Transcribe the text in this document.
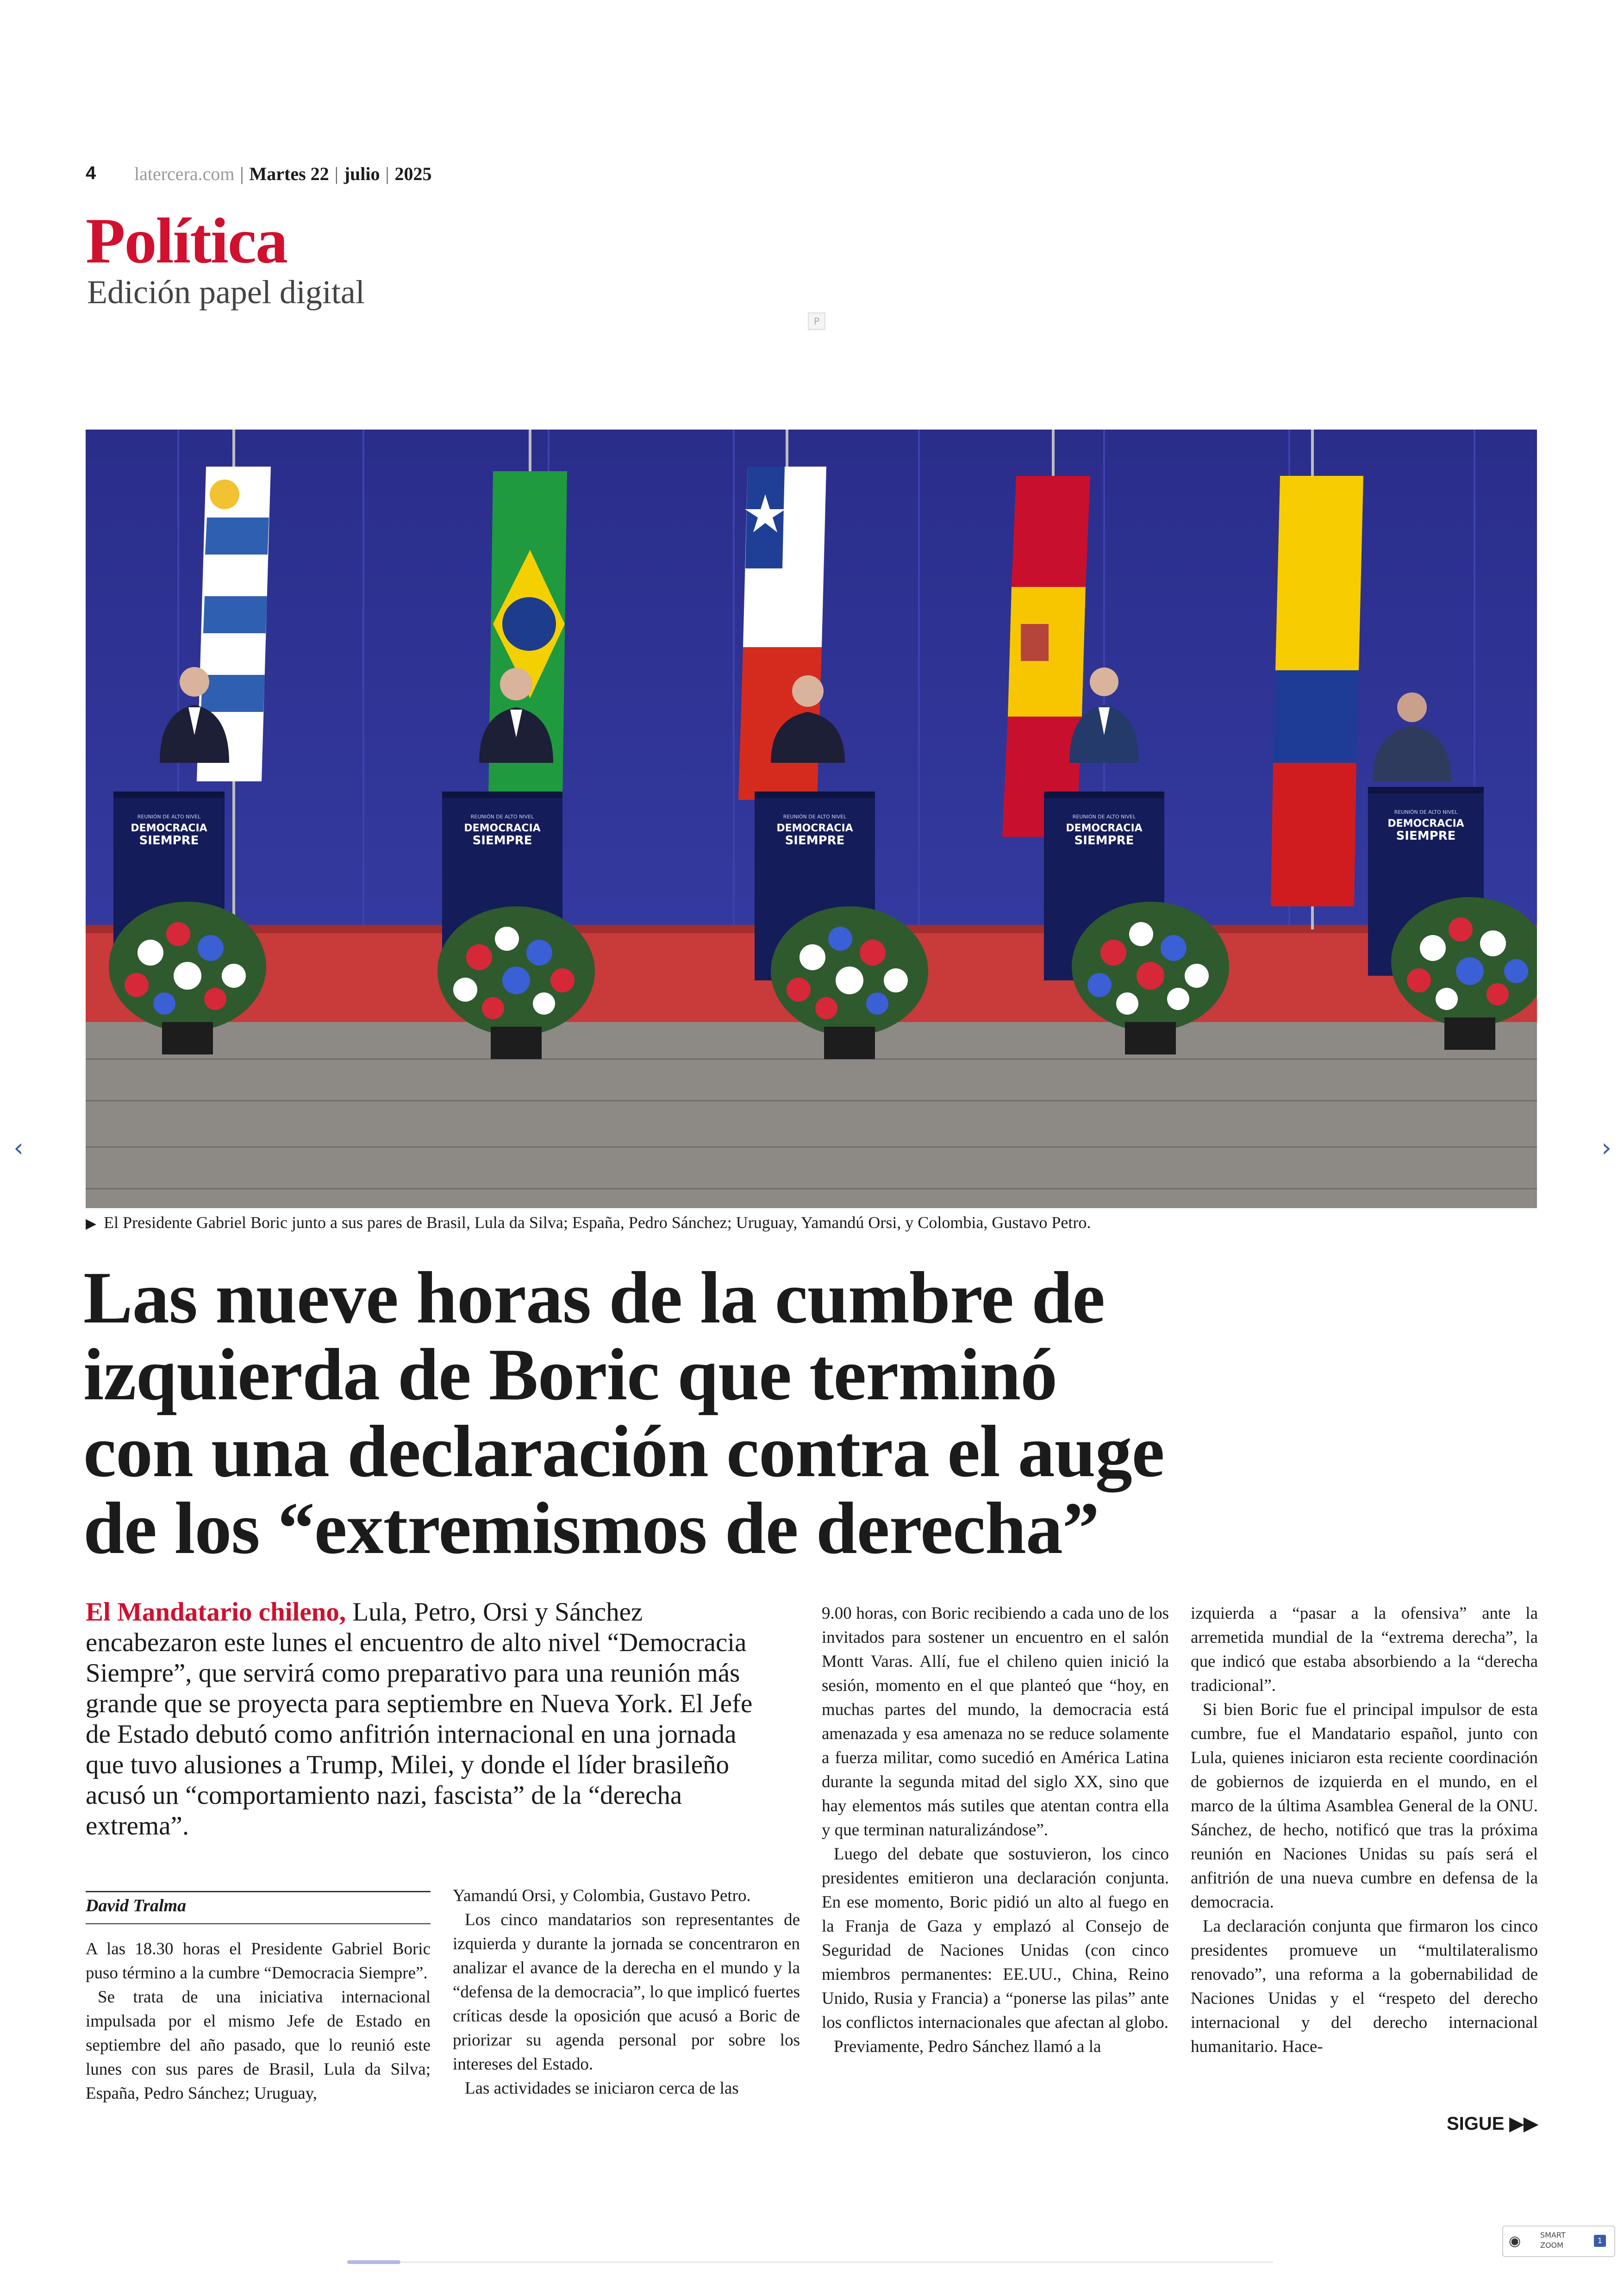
4 latercera.com | Martes 22 | julio | 2025
Política
Edición papel digital
P
REUNIÓN DE ALTO NIVEL
DEMOCRACIA
SIEMPRE
REUNIÓN DE ALTO NIVEL
DEMOCRACIA
SIEMPRE
REUNIÓN DE ALTO NIVEL
DEMOCRACIA
SIEMPRE
REUNIÓN DE ALTO NIVEL
DEMOCRACIA
SIEMPRE
REUNIÓN DE ALTO NIVEL
DEMOCRACIA
SIEMPRE
▶ El Presidente Gabriel Boric junto a sus pares de Brasil, Lula da Silva; España, Pedro Sánchez; Uruguay, Yamandú Orsi, y Colombia, Gustavo Petro.
Las nueve horas de la cumbre de
izquierda de Boric que terminó
con una declaración contra el auge
de los “extremismos de derecha”
El Mandatario chileno, Lula, Petro, Orsi y Sánchez encabezaron este lunes el encuentro de alto nivel “Democracia Siempre”, que servirá como preparativo para una reunión más grande que se proyecta para septiembre en Nueva York. El Jefe de Estado debutó como anfitrión internacional en una jornada que tuvo alusiones a Trump, Milei, y donde el líder brasileño acusó un “comportamiento nazi, fascista” de la “derecha extrema”.
David Tralma

A las 18.30 horas el Presidente Gabriel Boric puso término a la cumbre “Democracia Siempre”.

Se trata de una iniciativa internacional impulsada por el mismo Jefe de Estado en septiembre del año pasado, que lo reunió este lunes con sus pares de Brasil, Lula da Silva; España, Pedro Sánchez; Uruguay,

Yamandú Orsi, y Colombia, Gustavo Petro.

Los cinco mandatarios son representantes de izquierda y durante la jornada se concentraron en analizar el avance de la derecha en el mundo y la “defensa de la democracia”, lo que implicó fuertes críticas desde la oposición que acusó a Boric de priorizar su agenda personal por sobre los intereses del Estado.

Las actividades se iniciaron cerca de las

9.00 horas, con Boric recibiendo a cada uno de los invitados para sostener un encuentro en el salón Montt Varas. Allí, fue el chileno quien inició la sesión, momento en el que planteó que “hoy, en muchas partes del mundo, la democracia está amenazada y esa amenaza no se reduce solamente a fuerza militar, como sucedió en América Latina durante la segunda mitad del siglo XX, sino que hay elementos más sutiles que atentan contra ella y que terminan naturalizándose”.

Luego del debate que sostuvieron, los cinco presidentes emitieron una declaración conjunta. En ese momento, Boric pidió un alto al fuego en la Franja de Gaza y emplazó al Consejo de Seguridad de Naciones Unidas (con cinco miembros permanentes: EE.UU., China, Reino Unido, Rusia y Francia) a “ponerse las pilas” ante los conflictos internacionales que afectan al globo.

Previamente, Pedro Sánchez llamó a la

izquierda a “pasar a la ofensiva” ante la arremetida mundial de la “extrema derecha”, la que indicó que estaba absorbiendo a la “derecha tradicional”.

Si bien Boric fue el principal impulsor de esta cumbre, fue el Mandatario español, junto con Lula, quienes iniciaron esta reciente coordinación de gobiernos de izquierda en el mundo, en el marco de la última Asamblea General de la ONU. Sánchez, de hecho, notificó que tras la próxima reunión en Naciones Unidas su país será el anfitrión de una nueva cumbre en defensa de la democracia.

La declaración conjunta que firmaron los cinco presidentes promueve un “multilateralismo renovado”, una reforma a la gobernabilidad de Naciones Unidas y el “respeto del derecho internacional y del derecho internacional humanitario. Hace-

SIGUE ▶▶
‹	›
◉	SMART
ZOOM
1
